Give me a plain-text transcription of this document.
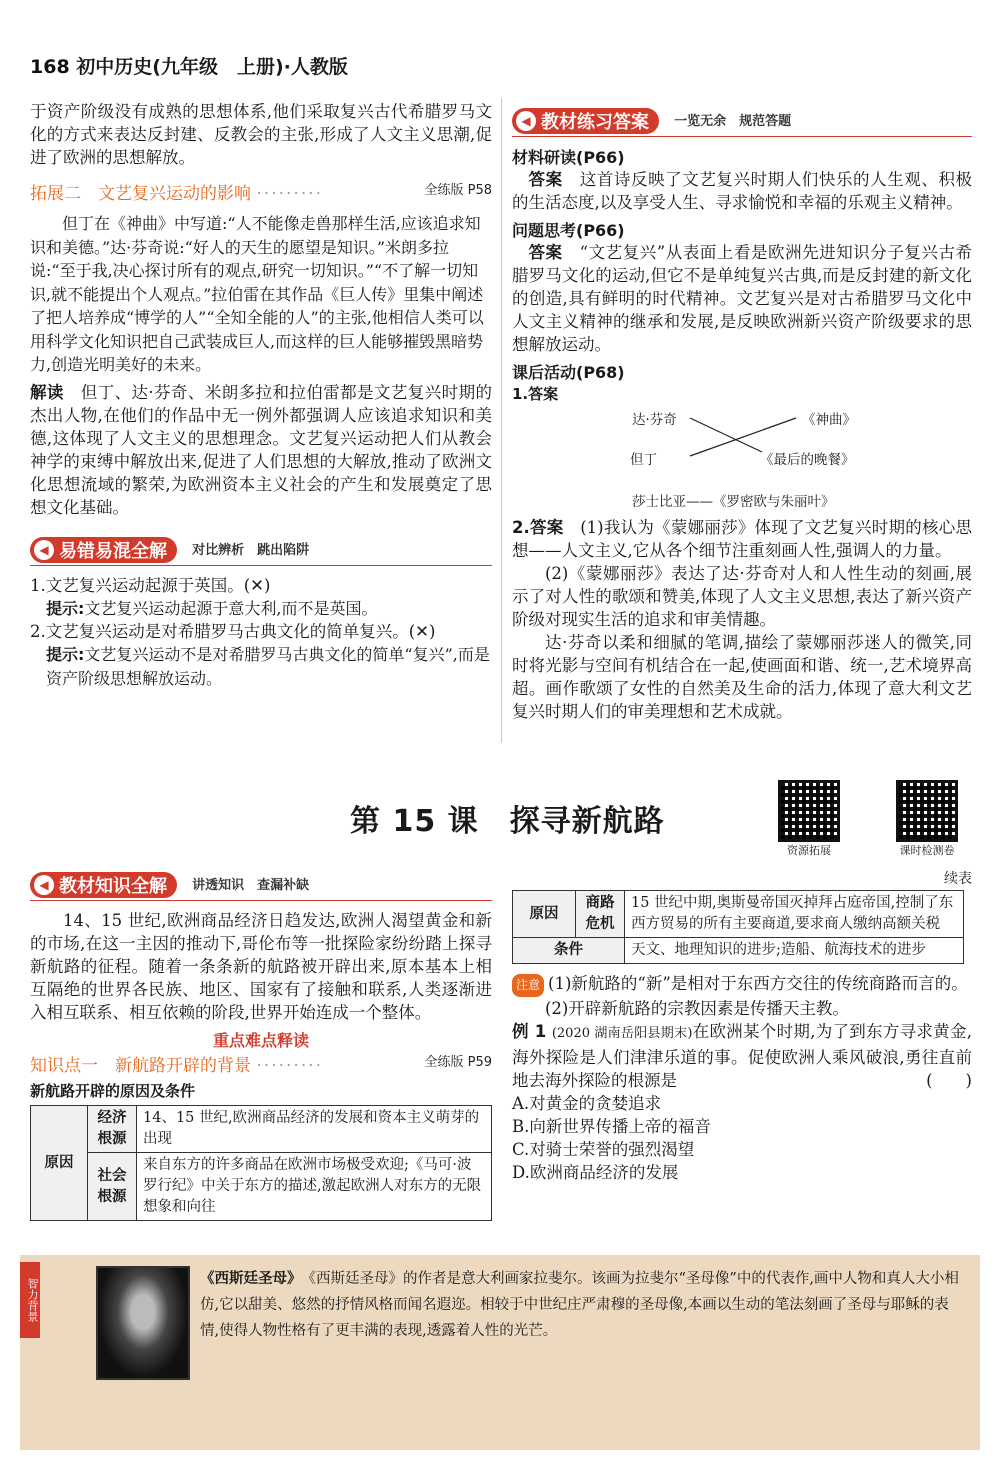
168 初中历史(九年级　上册)·人教版

于资产阶级没有成熟的思想体系,他们采取复兴古代希腊罗马文化的方式来表达反封建、反教会的主张,形成了人文主义思潮,促进了欧洲的思想解放。

拓展二　文艺复兴运动的影响 ·········	全练版 P58

但丁在《神曲》中写道:“人不能像走兽那样生活,应该追求知识和美德。”达·芬奇说:“好人的天生的愿望是知识。”米朗多拉说:“至于我,决心探讨所有的观点,研究一切知识。”“不了解一切知识,就不能提出个人观点。”拉伯雷在其作品《巨人传》里集中阐述了把人培养成“博学的人”“全知全能的人”的主张,他相信人类可以用科学文化知识把自己武装成巨人,而这样的巨人能够摧毁黑暗势力,创造光明美好的未来。

解读　 但丁、达·芬奇、米朗多拉和拉伯雷都是文艺复兴时期的杰出人物,在他们的作品中无一例外都强调人应该追求知识和美德,这体现了人文主义的思想理念。文艺复兴运动把人们从教会神学的束缚中解放出来,促进了人们思想的大解放,推动了欧洲文化思想流域的繁荣,为欧洲资本主义社会的产生和发展奠定了思想文化基础。

◀ 易错易混全解 对比辨析　跳出陷阱

1.文艺复兴运动起源于英国。(✕)

提示:文艺复兴运动起源于意大利,而不是英国。

2.文艺复兴运动是对希腊罗马古典文化的简单复兴。(✕)

提示:文艺复兴运动不是对希腊罗马古典文化的简单“复兴”,而是资产阶级思想解放运动。

◀ 教材练习答案 一览无余　规范答题
材料研读(P66)

答案　 这首诗反映了文艺复兴时期人们快乐的人生观、积极的生活态度,以及享受人生、寻求愉悦和幸福的乐观主义精神。

问题思考(P66)

答案　 “文艺复兴”从表面上看是欧洲先进知识分子复兴古希腊罗马文化的运动,但它不是单纯复兴古典,而是反封建的新文化的创造,具有鲜明的时代精神。文艺复兴是对古希腊罗马文化中人文主义精神的继承和发展,是反映欧洲新兴资产阶级要求的思想解放运动。

课后活动(P68)
1.答案
达·芬奇
但丁
《神曲》
《最后的晚餐》
莎士比亚——《罗密欧与朱丽叶》

2.答案　 (1)我认为《蒙娜丽莎》体现了文艺复兴时期的核心思想——人文主义,它从各个细节注重刻画人性,强调人的力量。

(2)《蒙娜丽莎》表达了达·芬奇对人和人性生动的刻画,展示了对人性的歌颂和赞美,体现了人文主义思想,表达了新兴资产阶级对现实生活的追求和审美情趣。

达·芬奇以柔和细腻的笔调,描绘了蒙娜丽莎迷人的微笑,同时将光影与空间有机结合在一起,使画面和谐、统一,艺术境界高超。画作歌颂了女性的自然美及生命的活力,体现了意大利文艺复兴时期人们的审美理想和艺术成就。

第 15 课　探寻新航路
资源拓展	课时检测卷
◀ 教材知识全解 讲透知识　查漏补缺

14、15 世纪,欧洲商品经济日趋发达,欧洲人渴望黄金和新的市场,在这一主因的推动下,哥伦布等一批探险家纷纷踏上探寻新航路的征程。随着一条条新的航路被开辟出来,原本基本上相互隔绝的世界各民族、地区、国家有了接触和联系,人类逐渐进入相互联系、相互依赖的阶段,世界开始连成一个整体。

重点难点释读
知识点一　新航路开辟的背景 ·········	全练版 P59
新航路开辟的原因及条件
原因	经济根源	14、15 世纪,欧洲商品经济的发展和资本主义萌芽的出现
	社会根源	来自东方的许多商品在欧洲市场极受欢迎;《马可·波罗行纪》中关于东方的描述,激起欧洲人对东方的无限想象和向往
续表
原因	商路危机	15 世纪中期,奥斯曼帝国灭掉拜占庭帝国,控制了东西方贸易的所有主要商道,要求商人缴纳高额关税
条件		天文、地理知识的进步;造船、航海技术的进步

注意 (1)新航路的“新”是相对于东西方交往的传统商路而言的。

(2)开辟新航路的宗教因素是传播天主教。

例 1 (2020 湖南岳阳县期末)在欧洲某个时期,为了到东方寻求黄金,海外探险是人们津津乐道的事。促使欧洲人乘风破浪,勇往直前地去海外探险的根源是	(　　)

A.对黄金的贪婪追求
B.向新世界传播上帝的福音
C.对骑士荣誉的强烈渴望
D.欧洲商品经济的发展
智力背景	《西斯廷圣母》　 《西斯廷圣母》的作者是意大利画家拉斐尔。该画为拉斐尔“圣母像”中的代表作,画中人物和真人大小相仿,它以甜美、悠然的抒情风格而闻名遐迩。相较于中世纪庄严肃穆的圣母像,本画以生动的笔法刻画了圣母与耶稣的表情,使得人物性格有了更丰满的表现,透露着人性的光芒。
